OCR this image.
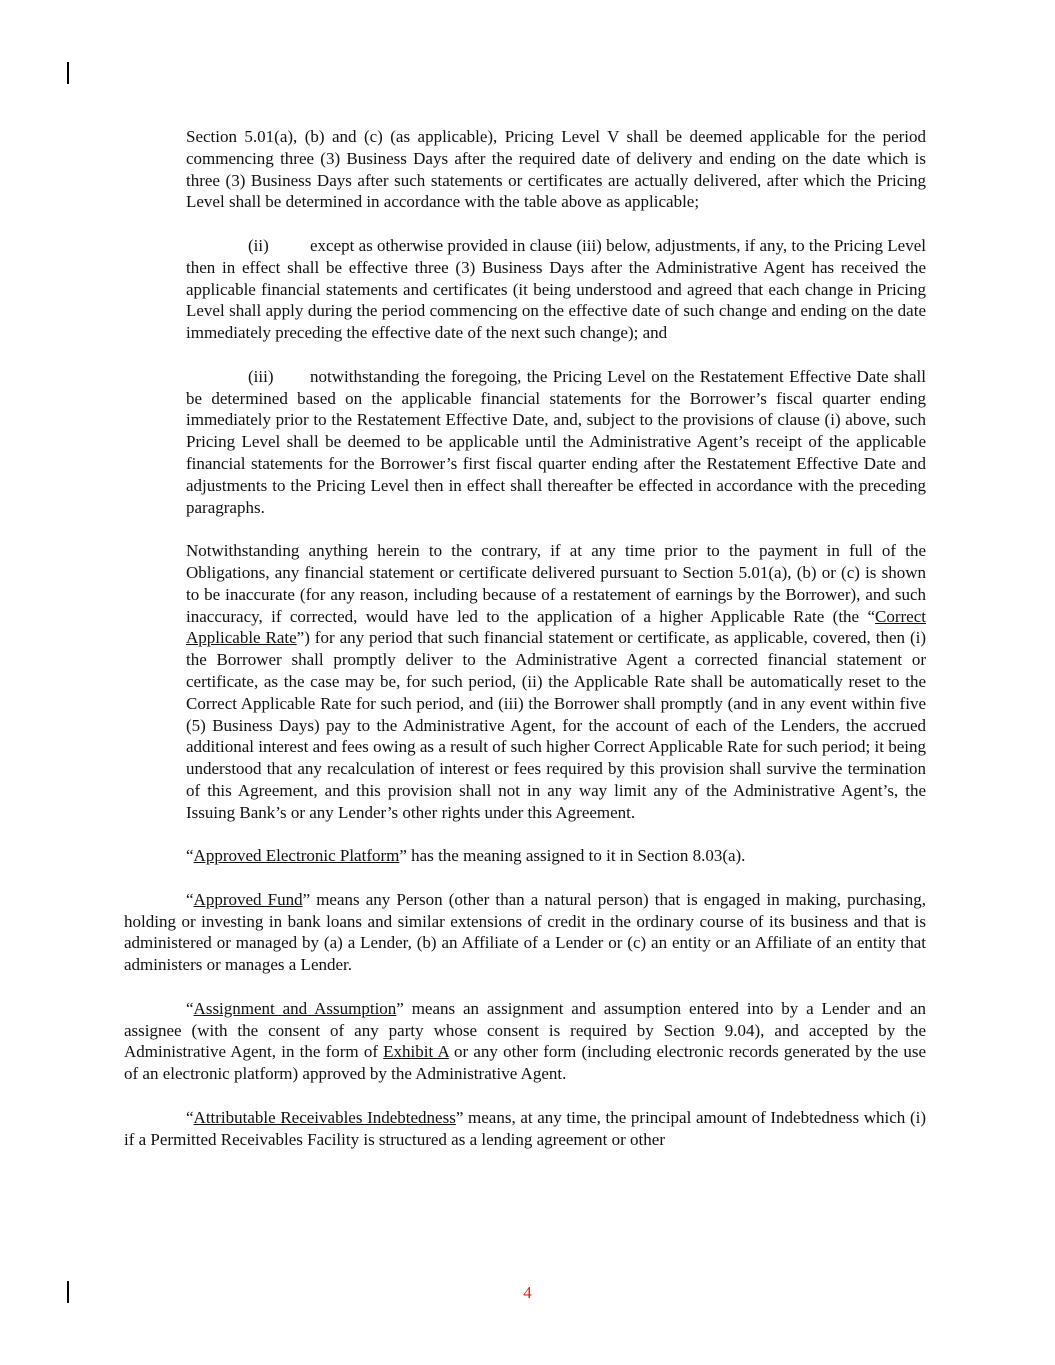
Section 5.01(a), (b) and (c) (as applicable), Pricing Level V shall be deemed applicable for the period commencing three (3) Business Days after the required date of delivery and ending on the date which is three (3) Business Days after such statements or certificates are actually delivered, after which the Pricing Level shall be determined in accordance with the table above as applicable;

(ii) except as otherwise provided in clause (iii) below, adjustments, if any, to the Pricing Level then in effect shall be effective three (3) Business Days after the Administrative Agent has received the applicable financial statements and certificates (it being understood and agreed that each change in Pricing Level shall apply during the period commencing on the effective date of such change and ending on the date immediately preceding the effective date of the next such change); and

(iii) notwithstanding the foregoing, the Pricing Level on the Restatement Effective Date shall be determined based on the applicable financial statements for the Borrower’s fiscal quarter ending immediately prior to the Restatement Effective Date, and, subject to the provisions of clause (i) above, such Pricing Level shall be deemed to be applicable until the Administrative Agent’s receipt of the applicable financial statements for the Borrower’s first fiscal quarter ending after the Restatement Effective Date and adjustments to the Pricing Level then in effect shall thereafter be effected in accordance with the preceding paragraphs.

Notwithstanding anything herein to the contrary, if at any time prior to the payment in full of the Obligations, any financial statement or certificate delivered pursuant to Section 5.01(a), (b) or (c) is shown to be inaccurate (for any reason, including because of a restatement of earnings by the Borrower), and such inaccuracy, if corrected, would have led to the application of a higher Applicable Rate (the “Correct Applicable Rate”) for any period that such financial statement or certificate, as applicable, covered, then (i) the Borrower shall promptly deliver to the Administrative Agent a corrected financial statement or certificate, as the case may be, for such period, (ii) the Applicable Rate shall be automatically reset to the Correct Applicable Rate for such period, and (iii) the Borrower shall promptly (and in any event within five (5) Business Days) pay to the Administrative Agent, for the account of each of the Lenders, the accrued additional interest and fees owing as a result of such higher Correct Applicable Rate for such period; it being understood that any recalculation of interest or fees required by this provision shall survive the termination of this Agreement, and this provision shall not in any way limit any of the Administrative Agent’s, the Issuing Bank’s or any Lender’s other rights under this Agreement.

“Approved Electronic Platform” has the meaning assigned to it in Section 8.03(a).

“Approved Fund” means any Person (other than a natural person) that is engaged in making, purchasing, holding or investing in bank loans and similar extensions of credit in the ordinary course of its business and that is administered or managed by (a) a Lender, (b) an Affiliate of a Lender or (c) an entity or an Affiliate of an entity that administers or manages a Lender.

“Assignment and Assumption” means an assignment and assumption entered into by a Lender and an assignee (with the consent of any party whose consent is required by Section 9.04), and accepted by the Administrative Agent, in the form of Exhibit A or any other form (including electronic records generated by the use of an electronic platform) approved by the Administrative Agent.

“Attributable Receivables Indebtedness” means, at any time, the principal amount of Indebtedness which (i) if a Permitted Receivables Facility is structured as a lending agreement or other

4
